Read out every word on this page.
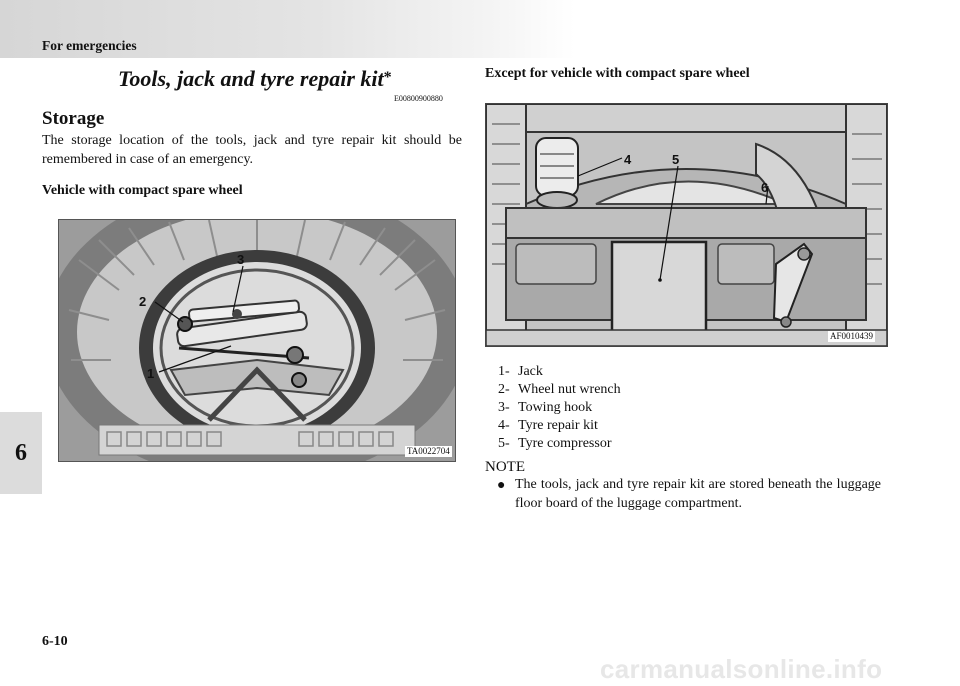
For emergencies
6
Tools, jack and tyre repair kit*
E00800900880
Storage
The storage location of the tools, jack and tyre repair kit should be remembered in case of an emergency.
Vehicle with compact spare wheel
Except for vehicle with compact spare wheel
1
2
3
TA0022704
4	5
6
AF0010439
1- Jack
2- Wheel nut wrench
3- Towing hook
4- Tyre repair kit
5- Tyre compressor
NOTE
● The tools, jack and tyre repair kit are stored beneath the luggage floor board of the luggage compartment.
6-10
carmanualsonline.info
